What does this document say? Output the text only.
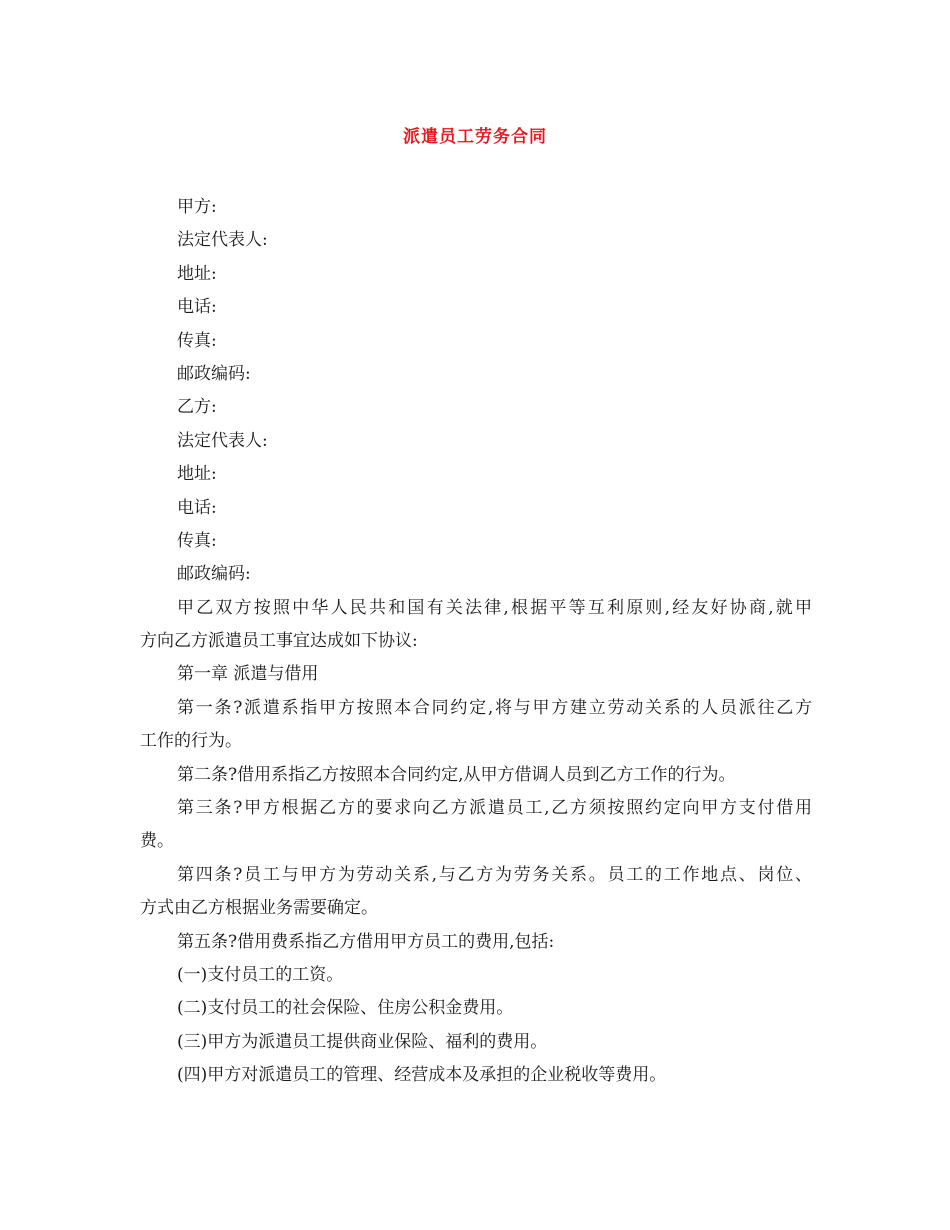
派遣员工劳务合同
甲方:
法定代表人:
地址:
电话:
传真:
邮政编码:
乙方:
法定代表人:
地址:
电话:
传真:
邮政编码:
甲乙双方按照中华人民共和国有关法律,根据平等互利原则,经友好协商,就甲
方向乙方派遣员工事宜达成如下协议:
第一章 派遣与借用
第一条?派遣系指甲方按照本合同约定,将与甲方建立劳动关系的人员派往乙方
工作的行为。
第二条?借用系指乙方按照本合同约定,从甲方借调人员到乙方工作的行为。
第三条?甲方根据乙方的要求向乙方派遣员工,乙方须按照约定向甲方支付借用
费。
第四条?员工与甲方为劳动关系,与乙方为劳务关系。员工的工作地点、岗位、
方式由乙方根据业务需要确定。
第五条?借用费系指乙方借用甲方员工的费用,包括:
(一)支付员工的工资。
(二)支付员工的社会保险、住房公积金费用。
(三)甲方为派遣员工提供商业保险、福利的费用。
(四)甲方对派遣员工的管理、经营成本及承担的企业税收等费用。
